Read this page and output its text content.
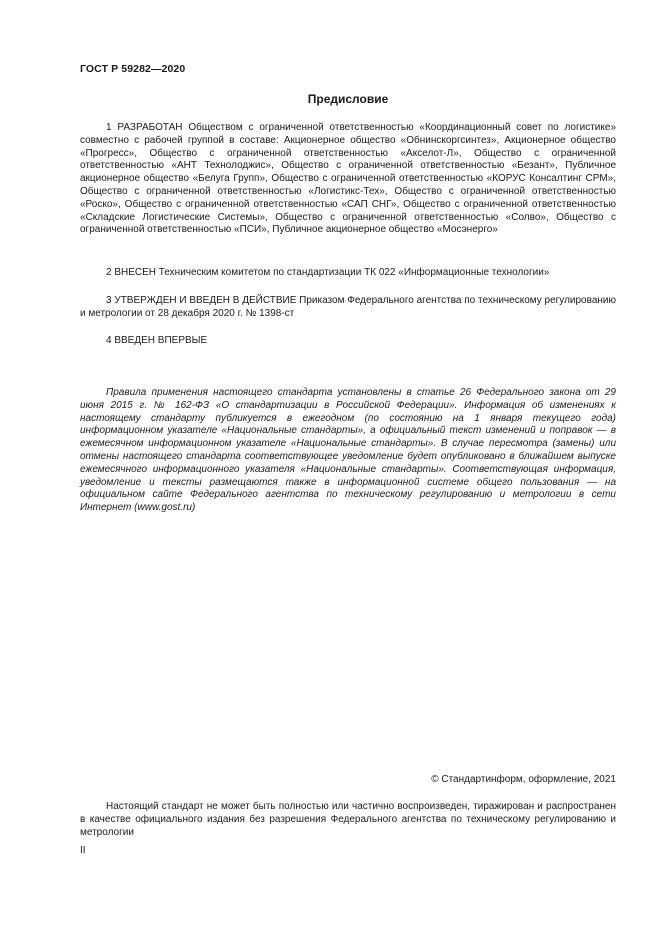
ГОСТ Р 59282—2020
Предисловие

1 РАЗРАБОТАН Обществом с ограниченной ответственностью «Координационный совет по логистике» совместно с рабочей группой в составе: Акционерное общество «Обнинскоргсинтез», Акционерное общество «Прогресс», Общество с ограниченной ответственностью «Акселот-Л», Общество с ограниченной ответственностью «АНТ Технолоджис», Общество с ограниченной ответственностью «Безант», Публичное акционерное общество «Белуга Групп», Общество с ограниченной ответственностью «КОРУС Консалтинг СРМ», Общество с ограниченной ответственностью «Логистикс-Тех», Общество с ограниченной ответственностью «Роско», Общество с ограниченной ответственностью «САП СНГ», Общество с ограниченной ответственностью «Складские Логистические Системы», Общество с ограниченной ответственностью «Солво», Общество с ограниченной ответственностью «ПСИ», Публичное акционерное общество «Мосэнерго»

2 ВНЕСЕН Техническим комитетом по стандартизации ТК 022 «Информационные технологии»

3 УТВЕРЖДЕН И ВВЕДЕН В ДЕЙСТВИЕ Приказом Федерального агентства по техническому регулированию и метрологии от 28 декабря 2020 г. № 1398-ст

4 ВВЕДЕН ВПЕРВЫЕ

Правила применения настоящего стандарта установлены в статье 26 Федерального закона от 29 июня 2015 г. № 162-ФЗ «О стандартизации в Российской Федерации». Информация об изменениях к настоящему стандарту публикуется в ежегодном (по состоянию на 1 января текущего года) информационном указателе «Национальные стандарты», а официальный текст изменений и поправок — в ежемесячном информационном указателе «Национальные стандарты». В случае пересмотра (замены) или отмены настоящего стандарта соответствующее уведомление будет опубликовано в ближайшем выпуске ежемесячного информационного указателя «Национальные стандарты». Соответствующая информация, уведомление и тексты размещаются также в информационной системе общего пользования — на официальном сайте Федерального агентства по техническому регулированию и метрологии в сети Интернет (www.gost.ru)

© Стандартинформ, оформление, 2021

Настоящий стандарт не может быть полностью или частично воспроизведен, тиражирован и распространен в качестве официального издания без разрешения Федерального агентства по техническому регулированию и метрологии

II
